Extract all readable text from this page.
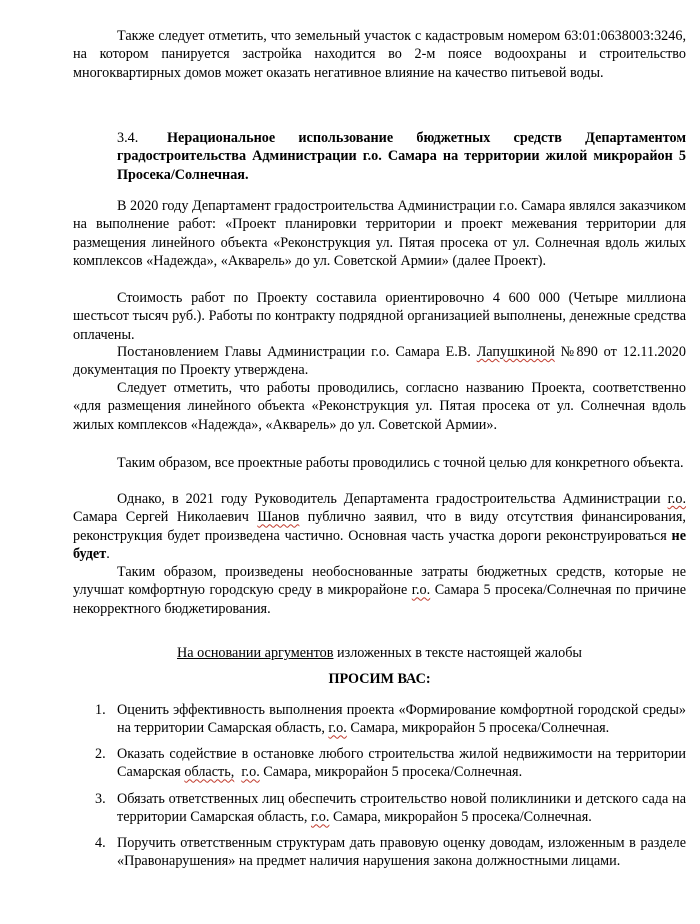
Также следует отметить, что земельный участок с кадастровым номером 63:01:0638003:3246, на котором панируется застройка находится во 2-м поясе водоохраны и строительство многоквартирных домов может оказать негативное влияние на качество питьевой воды.

3.4.	Нерациональное использование бюджетных средств Департаментом градостроительства Администрации г.о. Самара на территории жилой микрорайон 5 Просека/Солнечная.

В 2020 году Департамент градостроительства Администрации г.о. Самара являлся заказчиком на выполнение работ: «Проект планировки территории и проект межевания территории для размещения линейного объекта «Реконструкция ул. Пятая просека от ул. Солнечная вдоль жилых комплексов «Надежда», «Акварель» до ул. Советской Армии» (далее Проект).

Стоимость работ по Проекту составила ориентировочно 4 600 000 (Четыре миллиона шестьсот тысяч руб.). Работы по контракту подрядной организацией выполнены, денежные средства оплачены.

Постановлением Главы Администрации г.о. Самара Е.В. Лапушкиной №890 от 12.11.2020 документация по Проекту утверждена.

Следует отметить, что работы проводились, согласно названию Проекта, соответственно «для размещения линейного объекта «Реконструкция ул. Пятая просека от ул. Солнечная вдоль жилых комплексов «Надежда», «Акварель» до ул. Советской Армии».

Таким образом, все проектные работы проводились с точной целью для конкретного объекта.

Однако, в 2021 году Руководитель Департамента градостроительства Администрации г.о. Самара Сергей Николаевич Шанов публично заявил, что в виду отсутствия финансирования, реконструкция будет произведена частично. Основная часть участка дороги реконструироваться не будет.

Таким образом, произведены необоснованные затраты бюджетных средств, которые не улучшат комфортную городскую среду в микрорайоне г.о. Самара 5 просека/Солнечная по причине некорректного бюджетирования.

На основании аргументов изложенных в тексте настоящей жалобы
ПРОСИМ ВАС:
1. Оценить эффективность выполнения проекта «Формирование комфортной городской среды» на территории Самарская область, г.о. Самара, микрорайон 5 просека/Солнечная.
2. Оказать содействие в остановке любого строительства жилой недвижимости на территории Самарская область, г.о. Самара, микрорайон 5 просека/Солнечная.
3. Обязать ответственных лиц обеспечить строительство новой поликлиники и детского сада на территории Самарская область, г.о. Самара, микрорайон 5 просека/Солнечная.
4. Поручить ответственным структурам дать правовую оценку доводам, изложенным в разделе «Правонарушения» на предмет наличия нарушения закона должностными лицами.
